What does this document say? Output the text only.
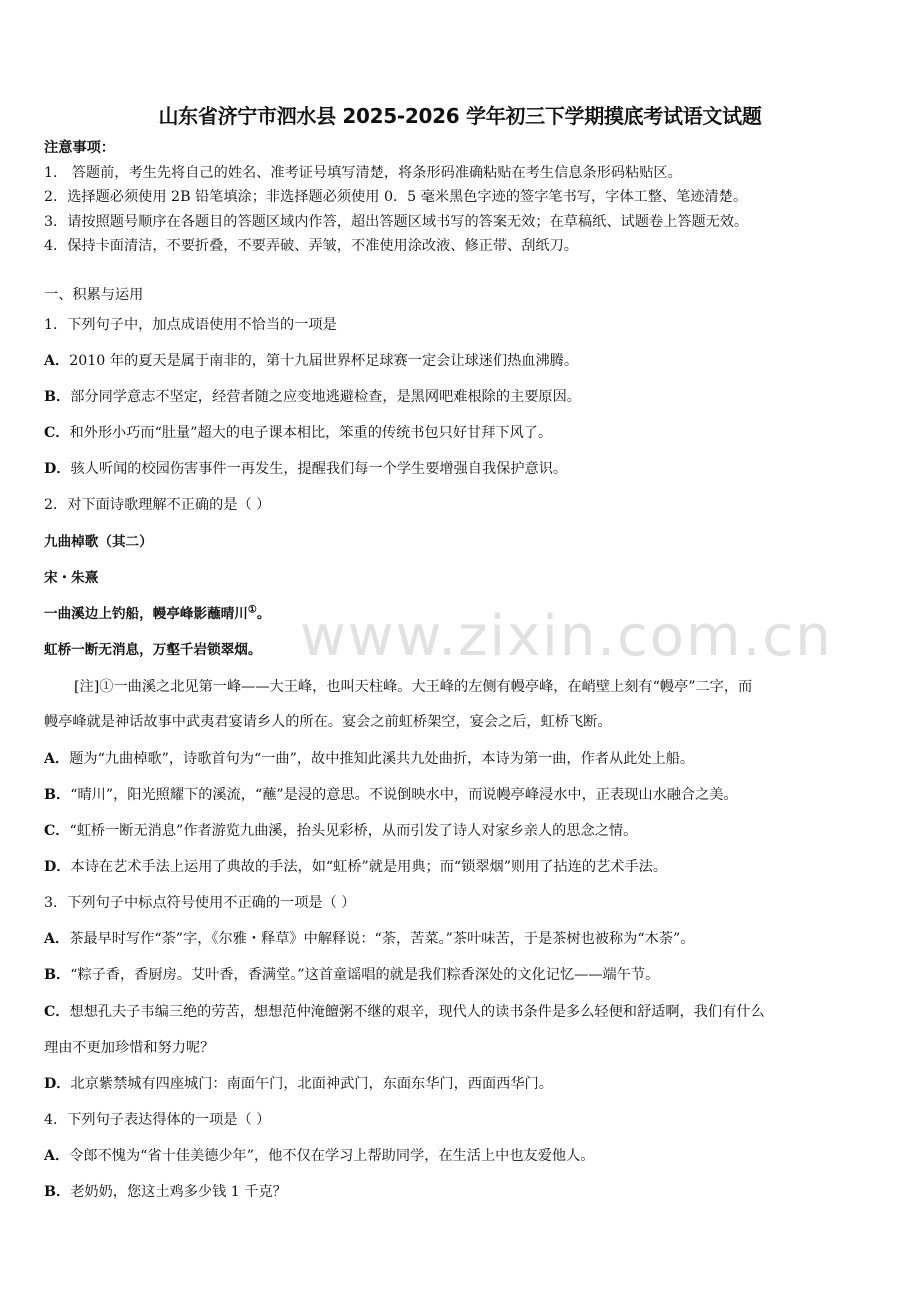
山东省济宁市泗水县 2025-2026 学年初三下学期摸底考试语文试题
注意事项：
1． 答题前，考生先将自己的姓名、准考证号填写清楚，将条形码准确粘贴在考生信息条形码粘贴区。
2．选择题必须使用 2B 铅笔填涂；非选择题必须使用 0．5 毫米黑色字迹的签字笔书写，字体工整、笔迹清楚。
3．请按照题号顺序在各题目的答题区域内作答，超出答题区域书写的答案无效；在草稿纸、试题卷上答题无效。
4．保持卡面清洁，不要折叠，不要弄破、弄皱，不准使用涂改液、修正带、刮纸刀。
一、积累与运用
1．下列句子中，加点成语使用不恰当的一项是
A．2010 年的夏天是属于南非的，第十九届世界杯足球赛一定会让球迷们热血沸腾。
B．部分同学意志不坚定，经营者随之应变地逃避检查，是黑网吧难根除的主要原因。
C．和外形小巧而“肚量”超大的电子课本相比，笨重的传统书包只好甘拜下风了。
D．骇人听闻的校园伤害事件一再发生，提醒我们每一个学生要增强自我保护意识。
2．对下面诗歌理解不正确的是（ ）
九曲棹歌（其二）
宋・朱熹
一曲溪边上钓船，幔亭峰影蘸晴川①。
虹桥一断无消息，万壑千岩锁翠烟。
[注]①一曲溪之北见第一峰——大王峰，也叫天柱峰。大王峰的左侧有幔亭峰，在峭壁上刻有“幔亭”二字，而
幔亭峰就是神话故事中武夷君宴请乡人的所在。宴会之前虹桥架空，宴会之后，虹桥飞断。
A．题为“九曲棹歌”，诗歌首句为“一曲”，故中推知此溪共九处曲折，本诗为第一曲，作者从此处上船。
B．“晴川”，阳光照耀下的溪流，“蘸”是浸的意思。不说倒映水中，而说幔亭峰浸水中，正表现山水融合之美。
C．“虹桥一断无消息”作者游览九曲溪，抬头见彩桥，从而引发了诗人对家乡亲人的思念之情。
D．本诗在艺术手法上运用了典故的手法，如“虹桥”就是用典；而“锁翠烟”则用了拈连的艺术手法。
3．下列句子中标点符号使用不正确的一项是（ ）
A．茶最早时写作“荼”字，《尔雅・释草》中解释说：“荼，苦菜。”茶叶味苦，于是茶树也被称为“木荼”。
B．“粽子香，香厨房。艾叶香，香满堂。”这首童谣唱的就是我们粽香深处的文化记忆——端午节。
C．想想孔夫子韦编三绝的劳苦，想想范仲淹饘粥不继的艰辛，现代人的读书条件是多么轻便和舒适啊，我们有什么
理由不更加珍惜和努力呢？
D．北京紫禁城有四座城门：南面午门，北面神武门，东面东华门，西面西华门。
4．下列句子表达得体的一项是（ ）
A．令郎不愧为“省十佳美德少年”，他不仅在学习上帮助同学，在生活上中也友爱他人。
B．老奶奶，您这土鸡多少钱 1 千克？
www.zixin.com.cn
